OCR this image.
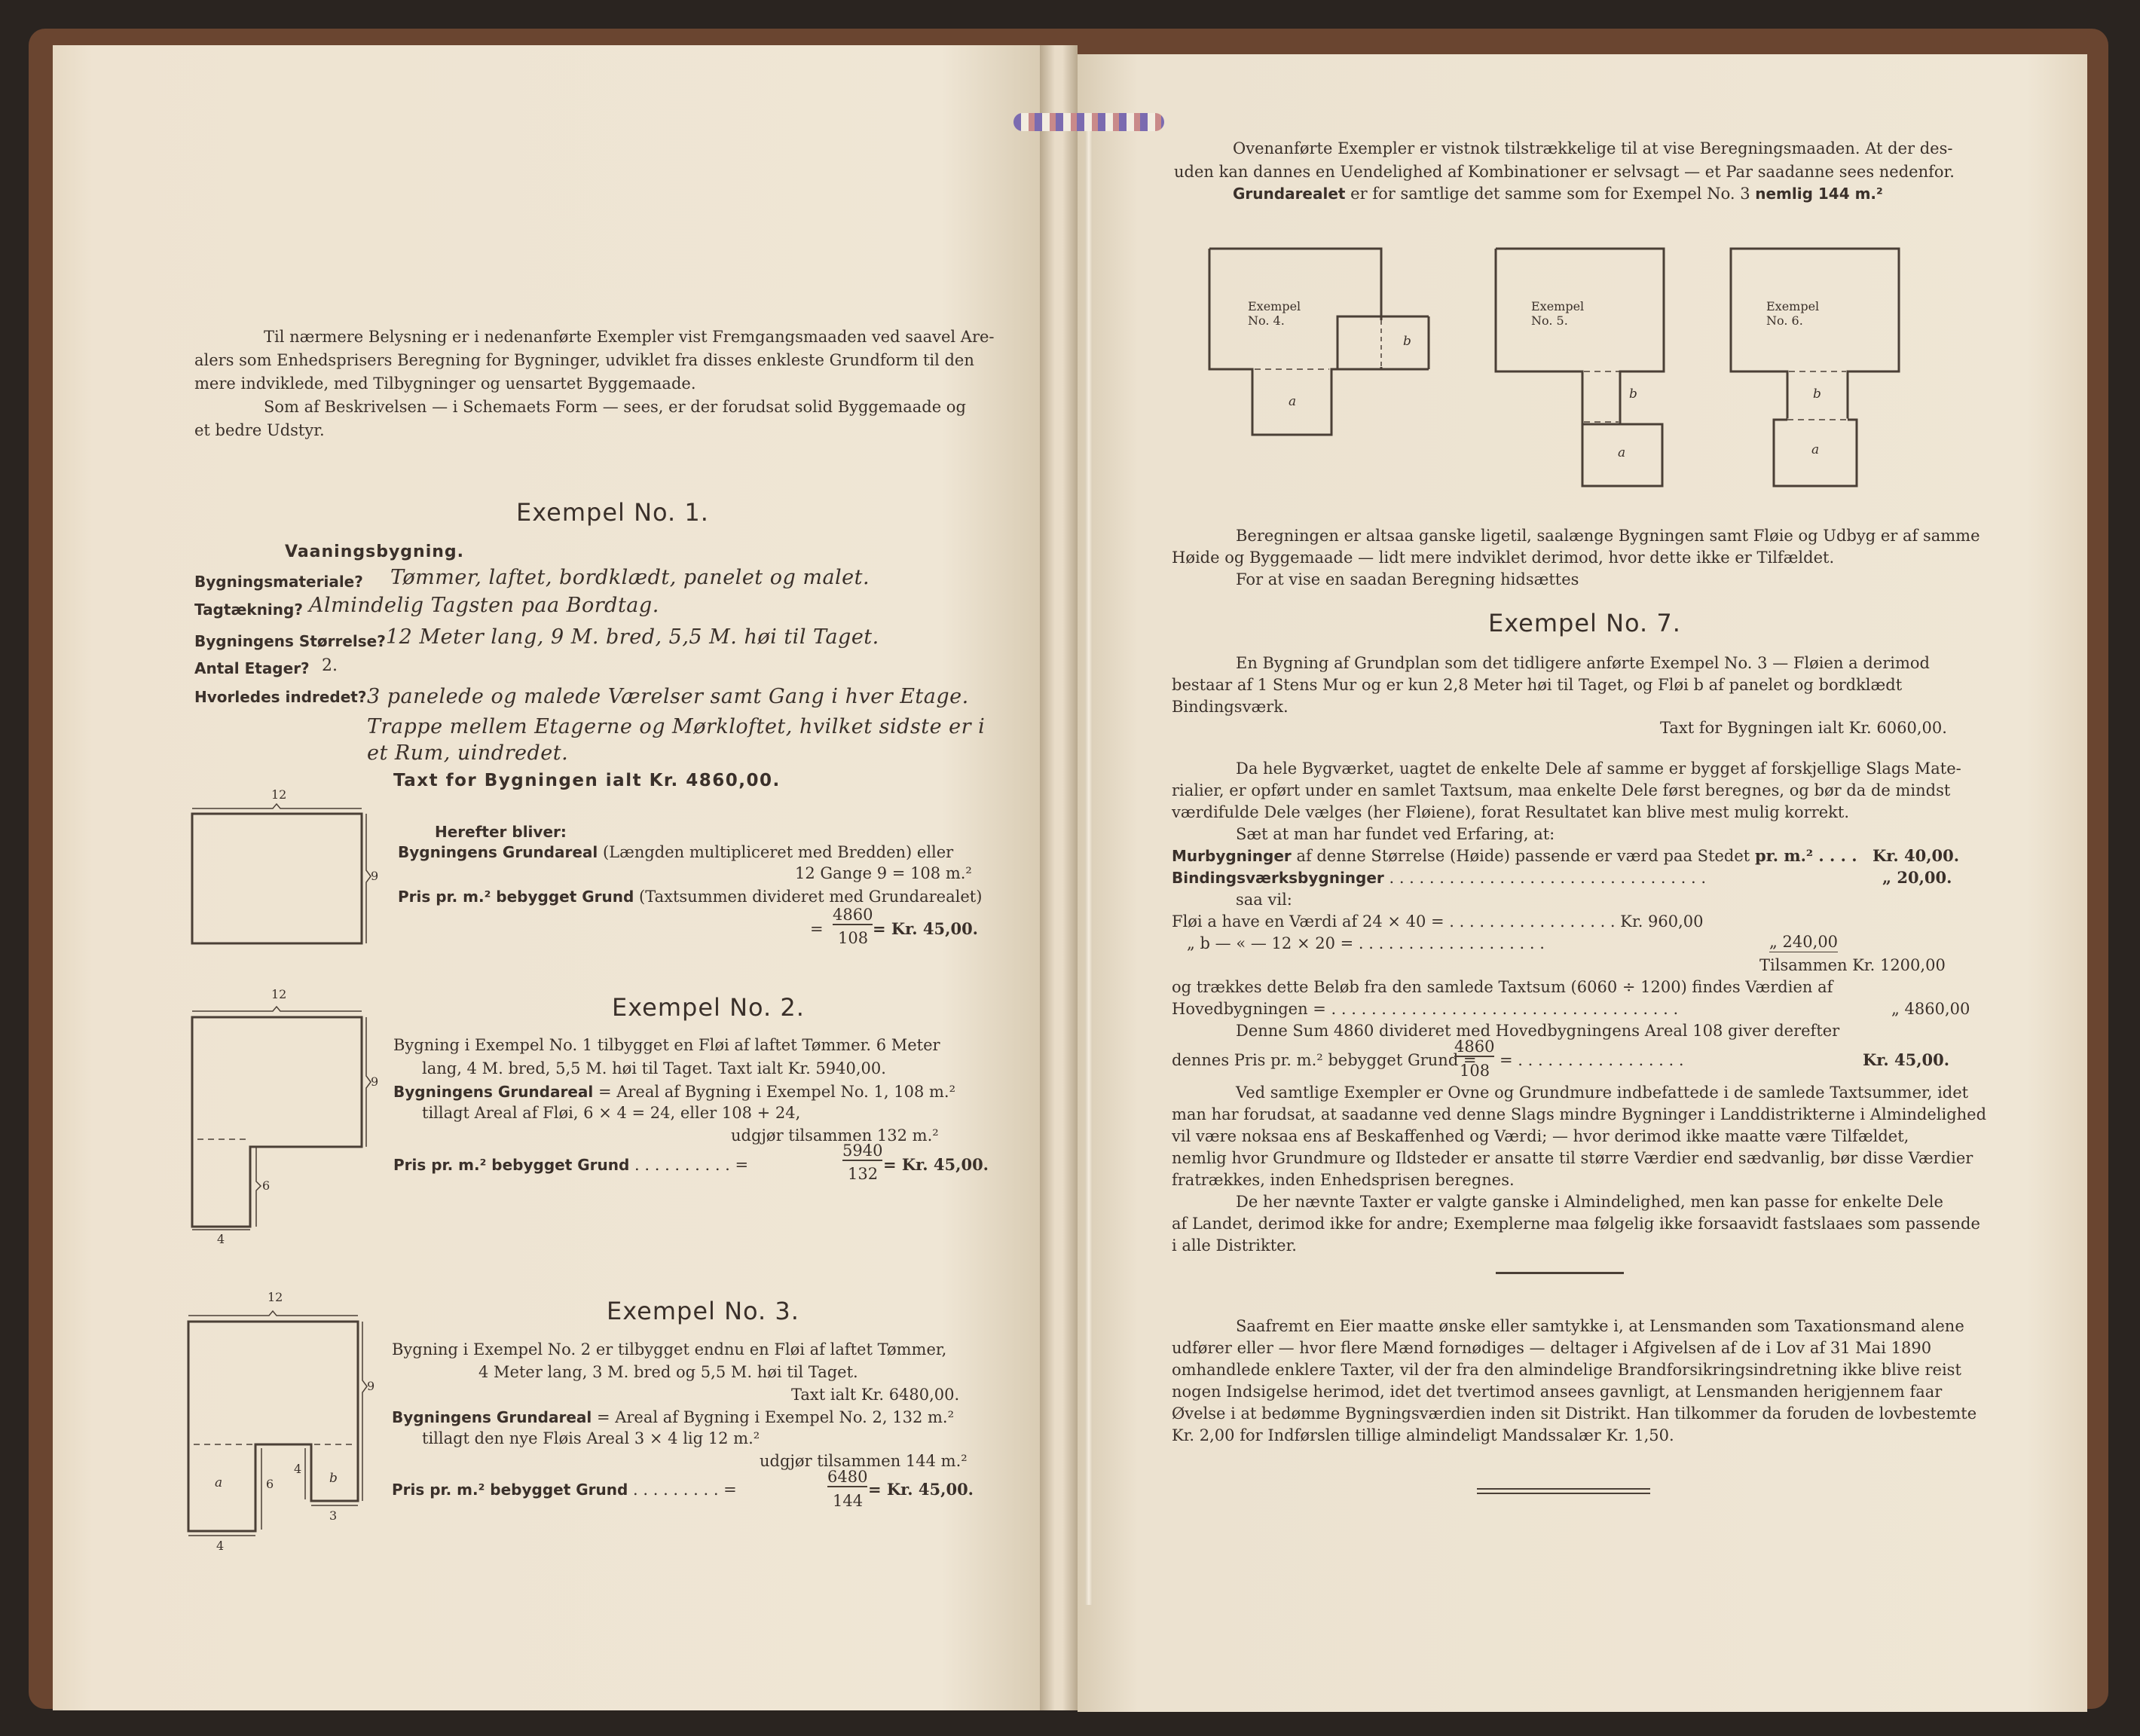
Til nærmere Belysning er i nedenanførte Exempler vist Fremgangsmaaden ved saavel Are-
alers som Enhedsprisers Beregning for Bygninger, udviklet fra disses enkleste Grundform til den
mere indviklede, med Tilbygninger og uensartet Byggemaade.
Som af Beskrivelsen — i Schemaets Form — sees, er der forudsat solid Byggemaade og
et bedre Udstyr.
Exempel No. 1.
Vaaningsbygning.
Bygningsmateriale? Tømmer, laftet, bordklædt, panelet og malet.
Tagtækning? Almindelig Tagsten paa Bordtag.
Bygningens Størrelse? 12 Meter lang, 9 M. bred, 5,5 M. høi til Taget.
Antal Etager? 2.
Hvorledes indredet? 3 panelede og malede Værelser samt Gang i hver Etage.
Trappe mellem Etagerne og Mørkloftet, hvilket sidste er i
et Rum, uindredet.
Taxt for Bygningen ialt Kr. 4860,00.
12
9
Herefter bliver:
Bygningens Grundareal (Længden multipliceret med Bredden) eller
12 Gange 9 = 108 m.²
Pris pr. m.² bebygget Grund (Taxtsummen divideret med Grundarealet)
=
4860
108 = Kr. 45,00.
Exempel No. 2.
12
9
6
4
Bygning i Exempel No. 1 tilbygget en Fløi af laftet Tømmer. 6 Meter
lang, 4 M. bred, 5,5 M. høi til Taget. Taxt ialt Kr. 5940,00.
Bygningens Grundareal = Areal af Bygning i Exempel No. 1, 108 m.²
tillagt Areal af Fløi, 6 × 4 = 24, eller 108 + 24,
udgjør tilsammen 132 m.²
Pris pr. m.² bebygget Grund . . . . . . . . . . =
5940
132 = Kr. 45,00.
Exempel No. 3.
a	b
6
4
12
9
4
3
Bygning i Exempel No. 2 er tilbygget endnu en Fløi af laftet Tømmer,
4 Meter lang, 3 M. bred og 5,5 M. høi til Taget.
Taxt ialt Kr. 6480,00.
Bygningens Grundareal = Areal af Bygning i Exempel No. 2, 132 m.²
tillagt den nye Fløis Areal 3 × 4 lig 12 m.²
udgjør tilsammen 144 m.²
Pris pr. m.² bebygget Grund . . . . . . . . . =
6480
144
= Kr. 45,00.
Ovenanførte Exempler er vistnok tilstrækkelige til at vise Beregningsmaaden. At der des-
uden kan dannes en Uendelighed af Kombinationer er selvsagt — et Par saadanne sees nedenfor.
Grundarealet er for samtlige det samme som for Exempel No. 3 nemlig 144 m.²
Exempel No. 4.
b
a
Exempel No. 5.
b
a
Exempel No. 6.
b
a
Beregningen er altsaa ganske ligetil, saalænge Bygningen samt Fløie og Udbyg er af samme
Høide og Byggemaade — lidt mere indviklet derimod, hvor dette ikke er Tilfældet.
For at vise en saadan Beregning hidsættes
Exempel No. 7.
En Bygning af Grundplan som det tidligere anførte Exempel No. 3 — Fløien a derimod
bestaar af 1 Stens Mur og er kun 2,8 Meter høi til Taget, og Fløi b af panelet og bordklædt
Bindingsværk.
Taxt for Bygningen ialt Kr. 6060,00.
Da hele Bygværket, uagtet de enkelte Dele af samme er bygget af forskjellige Slags Mate-
rialier, er opført under en samlet Taxtsum, maa enkelte Dele først beregnes, og bør da de mindst
værdifulde Dele vælges (her Fløiene), forat Resultatet kan blive mest mulig korrekt.
Sæt at man har fundet ved Erfaring, at:
Murbygninger af denne Størrelse (Høide) passende er værd paa Stedet pr. m.² . . . . Kr. 40,00.
Bindingsværksbygninger . . . . . . . . . . . . . . . . . . . . . . . . . . . . . . . .	„ 20,00.
saa vil:
Fløi a have en Værdi af 24 × 40 = . . . . . . . . . . . . . . . . . Kr. 960,00
„ b — « — 12 × 20 = . . . . . . . . . . . . . . . . . . .	„ 240,00
Tilsammen Kr. 1200,00
og trækkes dette Beløb fra den samlede Taxtsum (6060 ÷ 1200) findes Værdien af
Hovedbygningen = . . . . . . . . . . . . . . . . . . . . . . . . . . . . . . . . . . .	„ 4860,00
Denne Sum 4860 divideret med Hovedbygningens Areal 108 giver derefter
dennes Pris pr. m.² bebygget Grund =
4860
108
= . . . . . . . . . . . . . . . . .	Kr. 45,00.
Ved samtlige Exempler er Ovne og Grundmure indbefattede i de samlede Taxtsummer, idet
man har forudsat, at saadanne ved denne Slags mindre Bygninger i Landdistrikterne i Almindelighed
vil være noksaa ens af Beskaffenhed og Værdi; — hvor derimod ikke maatte være Tilfældet,
nemlig hvor Grundmure og Ildsteder er ansatte til større Værdier end sædvanlig, bør disse Værdier
fratrækkes, inden Enhedsprisen beregnes.
De her nævnte Taxter er valgte ganske i Almindelighed, men kan passe for enkelte Dele
af Landet, derimod ikke for andre; Exemplerne maa følgelig ikke forsaavidt fastslaaes som passende
i alle Distrikter.
Saafremt en Eier maatte ønske eller samtykke i, at Lensmanden som Taxationsmand alene
udfører eller — hvor flere Mænd fornødiges — deltager i Afgivelsen af de i Lov af 31 Mai 1890
omhandlede enklere Taxter, vil der fra den almindelige Brandforsikringsindretning ikke blive reist
nogen Indsigelse herimod, idet det tvertimod ansees gavnligt, at Lensmanden herigjennem faar
Øvelse i at bedømme Bygningsværdien inden sit Distrikt. Han tilkommer da foruden de lovbestemte
Kr. 2,00 for Indførslen tillige almindeligt Mandssalær Kr. 1,50.
